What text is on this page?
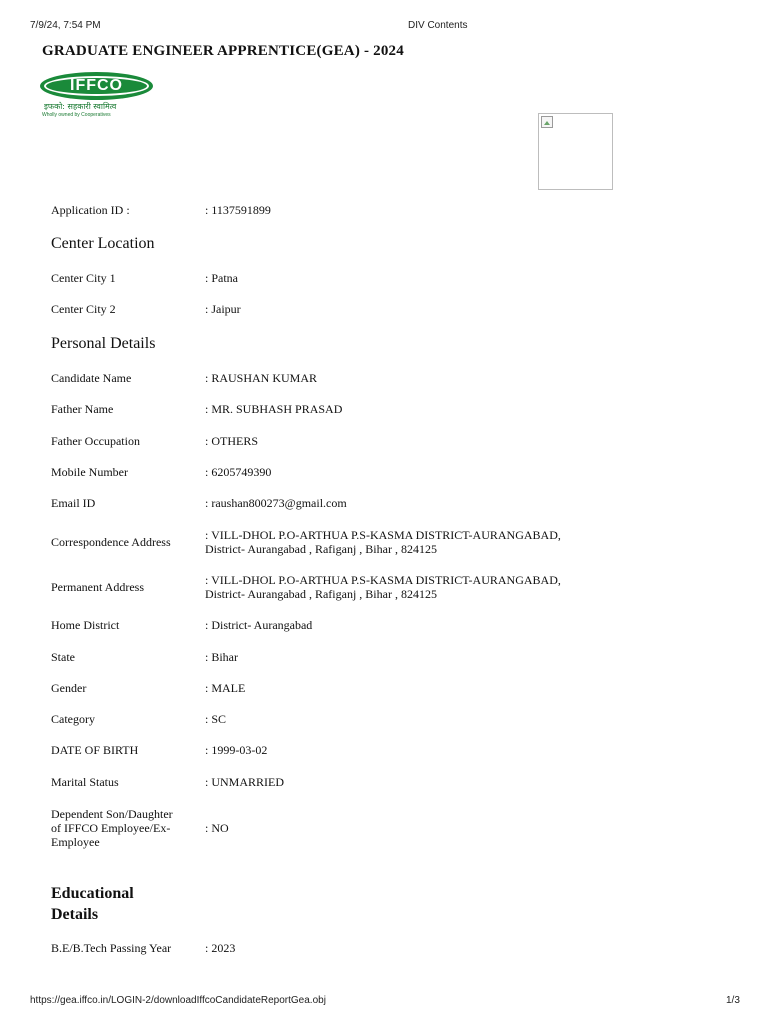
7/9/24, 7:54 PM	DIV Contents
GRADUATE ENGINEER APPRENTICE(GEA) - 2024
IFFCO
इफको: सहकारी स्वामित्व
Wholly owned by Cooperatives
Application ID :	: 1137591899
Center Location
Center City 1	: Patna
Center City 2	: Jaipur
Personal Details
Candidate Name	: RAUSHAN KUMAR
Father Name	: MR. SUBHASH PRASAD
Father Occupation	: OTHERS
Mobile Number	: 6205749390
Email ID	: raushan800273@gmail.com
Correspondence Address	: VILL-DHOL P.O-ARTHUA P.S-KASMA DISTRICT-AURANGABAD,
District- Aurangabad , Rafiganj , Bihar , 824125
Permanent Address	: VILL-DHOL P.O-ARTHUA P.S-KASMA DISTRICT-AURANGABAD,
District- Aurangabad , Rafiganj , Bihar , 824125
Home District	: District- Aurangabad
State	: Bihar
Gender	: MALE
Category	: SC
DATE OF BIRTH	: 1999-03-02
Marital Status	: UNMARRIED
Dependent Son/Daughter
of IFFCO Employee/Ex-
Employee
: NO
Educational
Details
B.E/B.Tech Passing Year	: 2023
https://gea.iffco.in/LOGIN-2/downloadIffcoCandidateReportGea.obj	1/3
